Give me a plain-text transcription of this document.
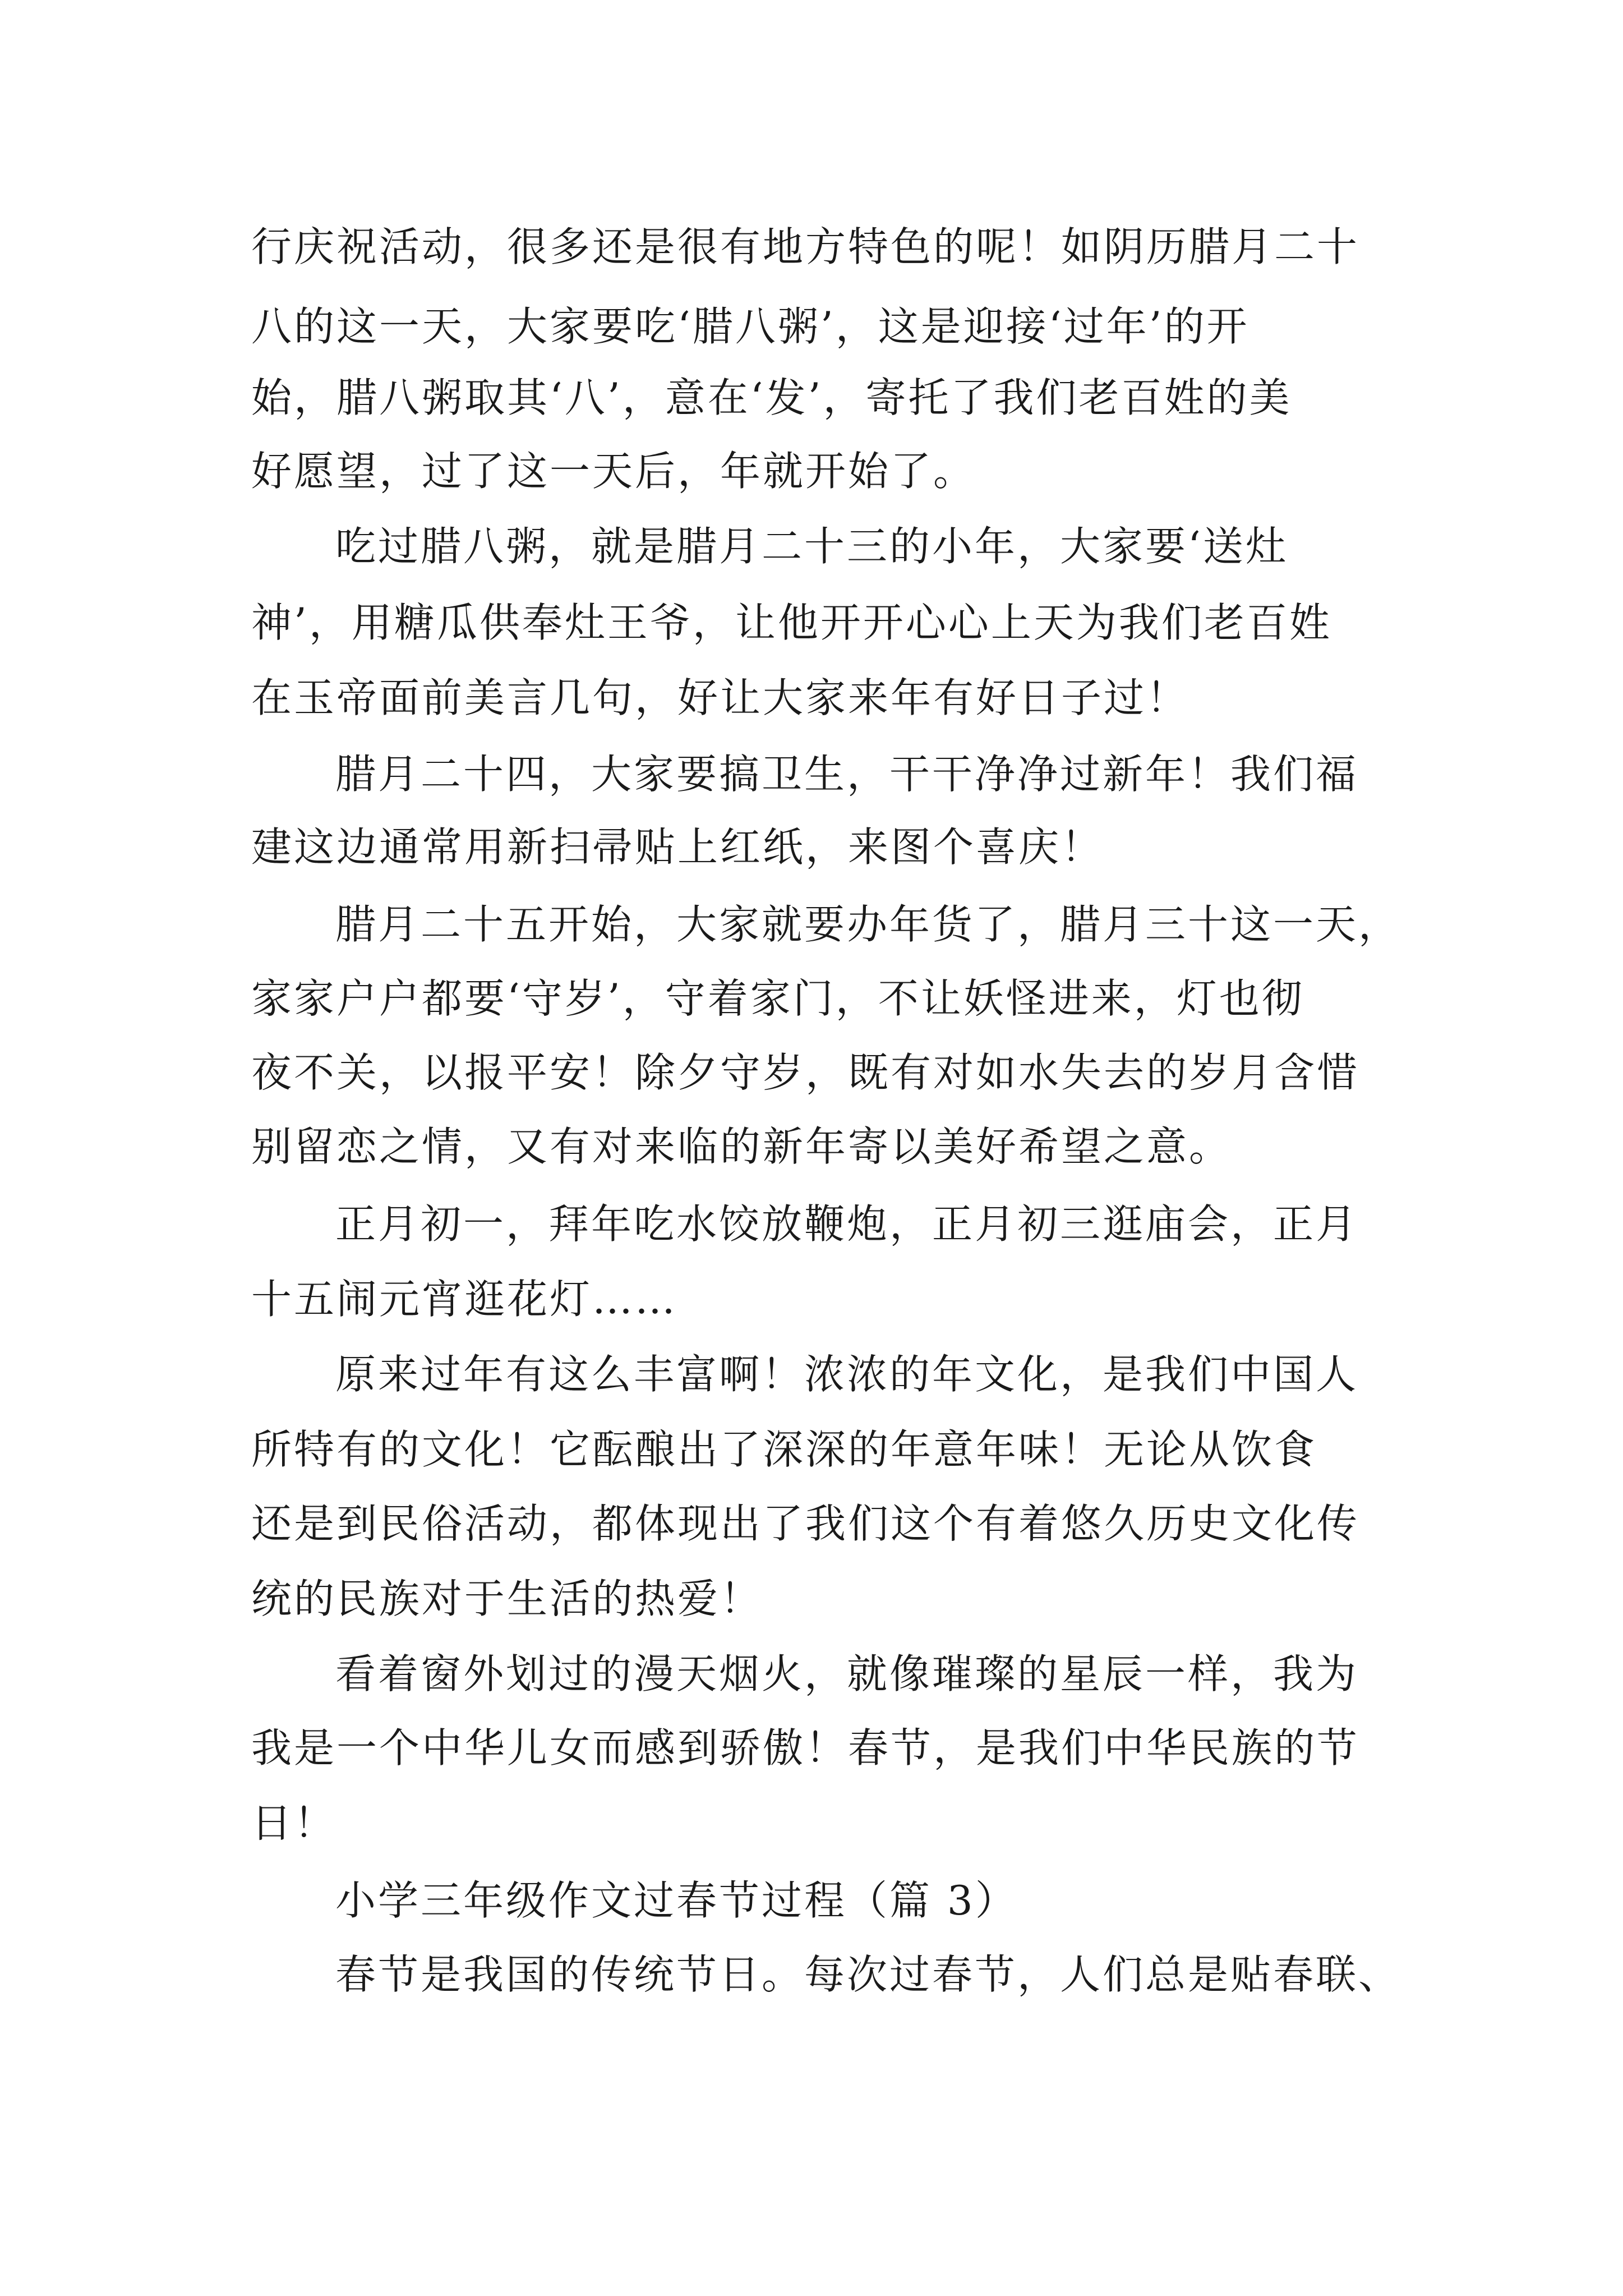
行庆祝活动，很多还是很有地方特色的呢！如阴历腊月二十
八的这一天，大家要吃‘腊八粥’，这是迎接‘过年’的开
始，腊八粥取其‘八’，意在‘发’，寄托了我们老百姓的美
好愿望，过了这一天后，年就开始了。
吃过腊八粥，就是腊月二十三的小年，大家要‘送灶
神’，用糖瓜供奉灶王爷，让他开开心心上天为我们老百姓
在玉帝面前美言几句，好让大家来年有好日子过！
腊月二十四，大家要搞卫生，干干净净过新年！我们福
建这边通常用新扫帚贴上红纸，来图个喜庆！
腊月二十五开始，大家就要办年货了，腊月三十这一天，
家家户户都要‘守岁’，守着家门，不让妖怪进来，灯也彻
夜不关，以报平安！除夕守岁，既有对如水失去的岁月含惜
别留恋之情，又有对来临的新年寄以美好希望之意。
正月初一，拜年吃水饺放鞭炮，正月初三逛庙会，正月
十五闹元宵逛花灯……
原来过年有这么丰富啊！浓浓的年文化，是我们中国人
所特有的文化！它酝酿出了深深的年意年味！无论从饮食
还是到民俗活动，都体现出了我们这个有着悠久历史文化传
统的民族对于生活的热爱！
看着窗外划过的漫天烟火，就像璀璨的星辰一样，我为
我是一个中华儿女而感到骄傲！春节，是我们中华民族的节
日！
小学三年级作文过春节过程（篇 3）
春节是我国的传统节日。每次过春节，人们总是贴春联、
